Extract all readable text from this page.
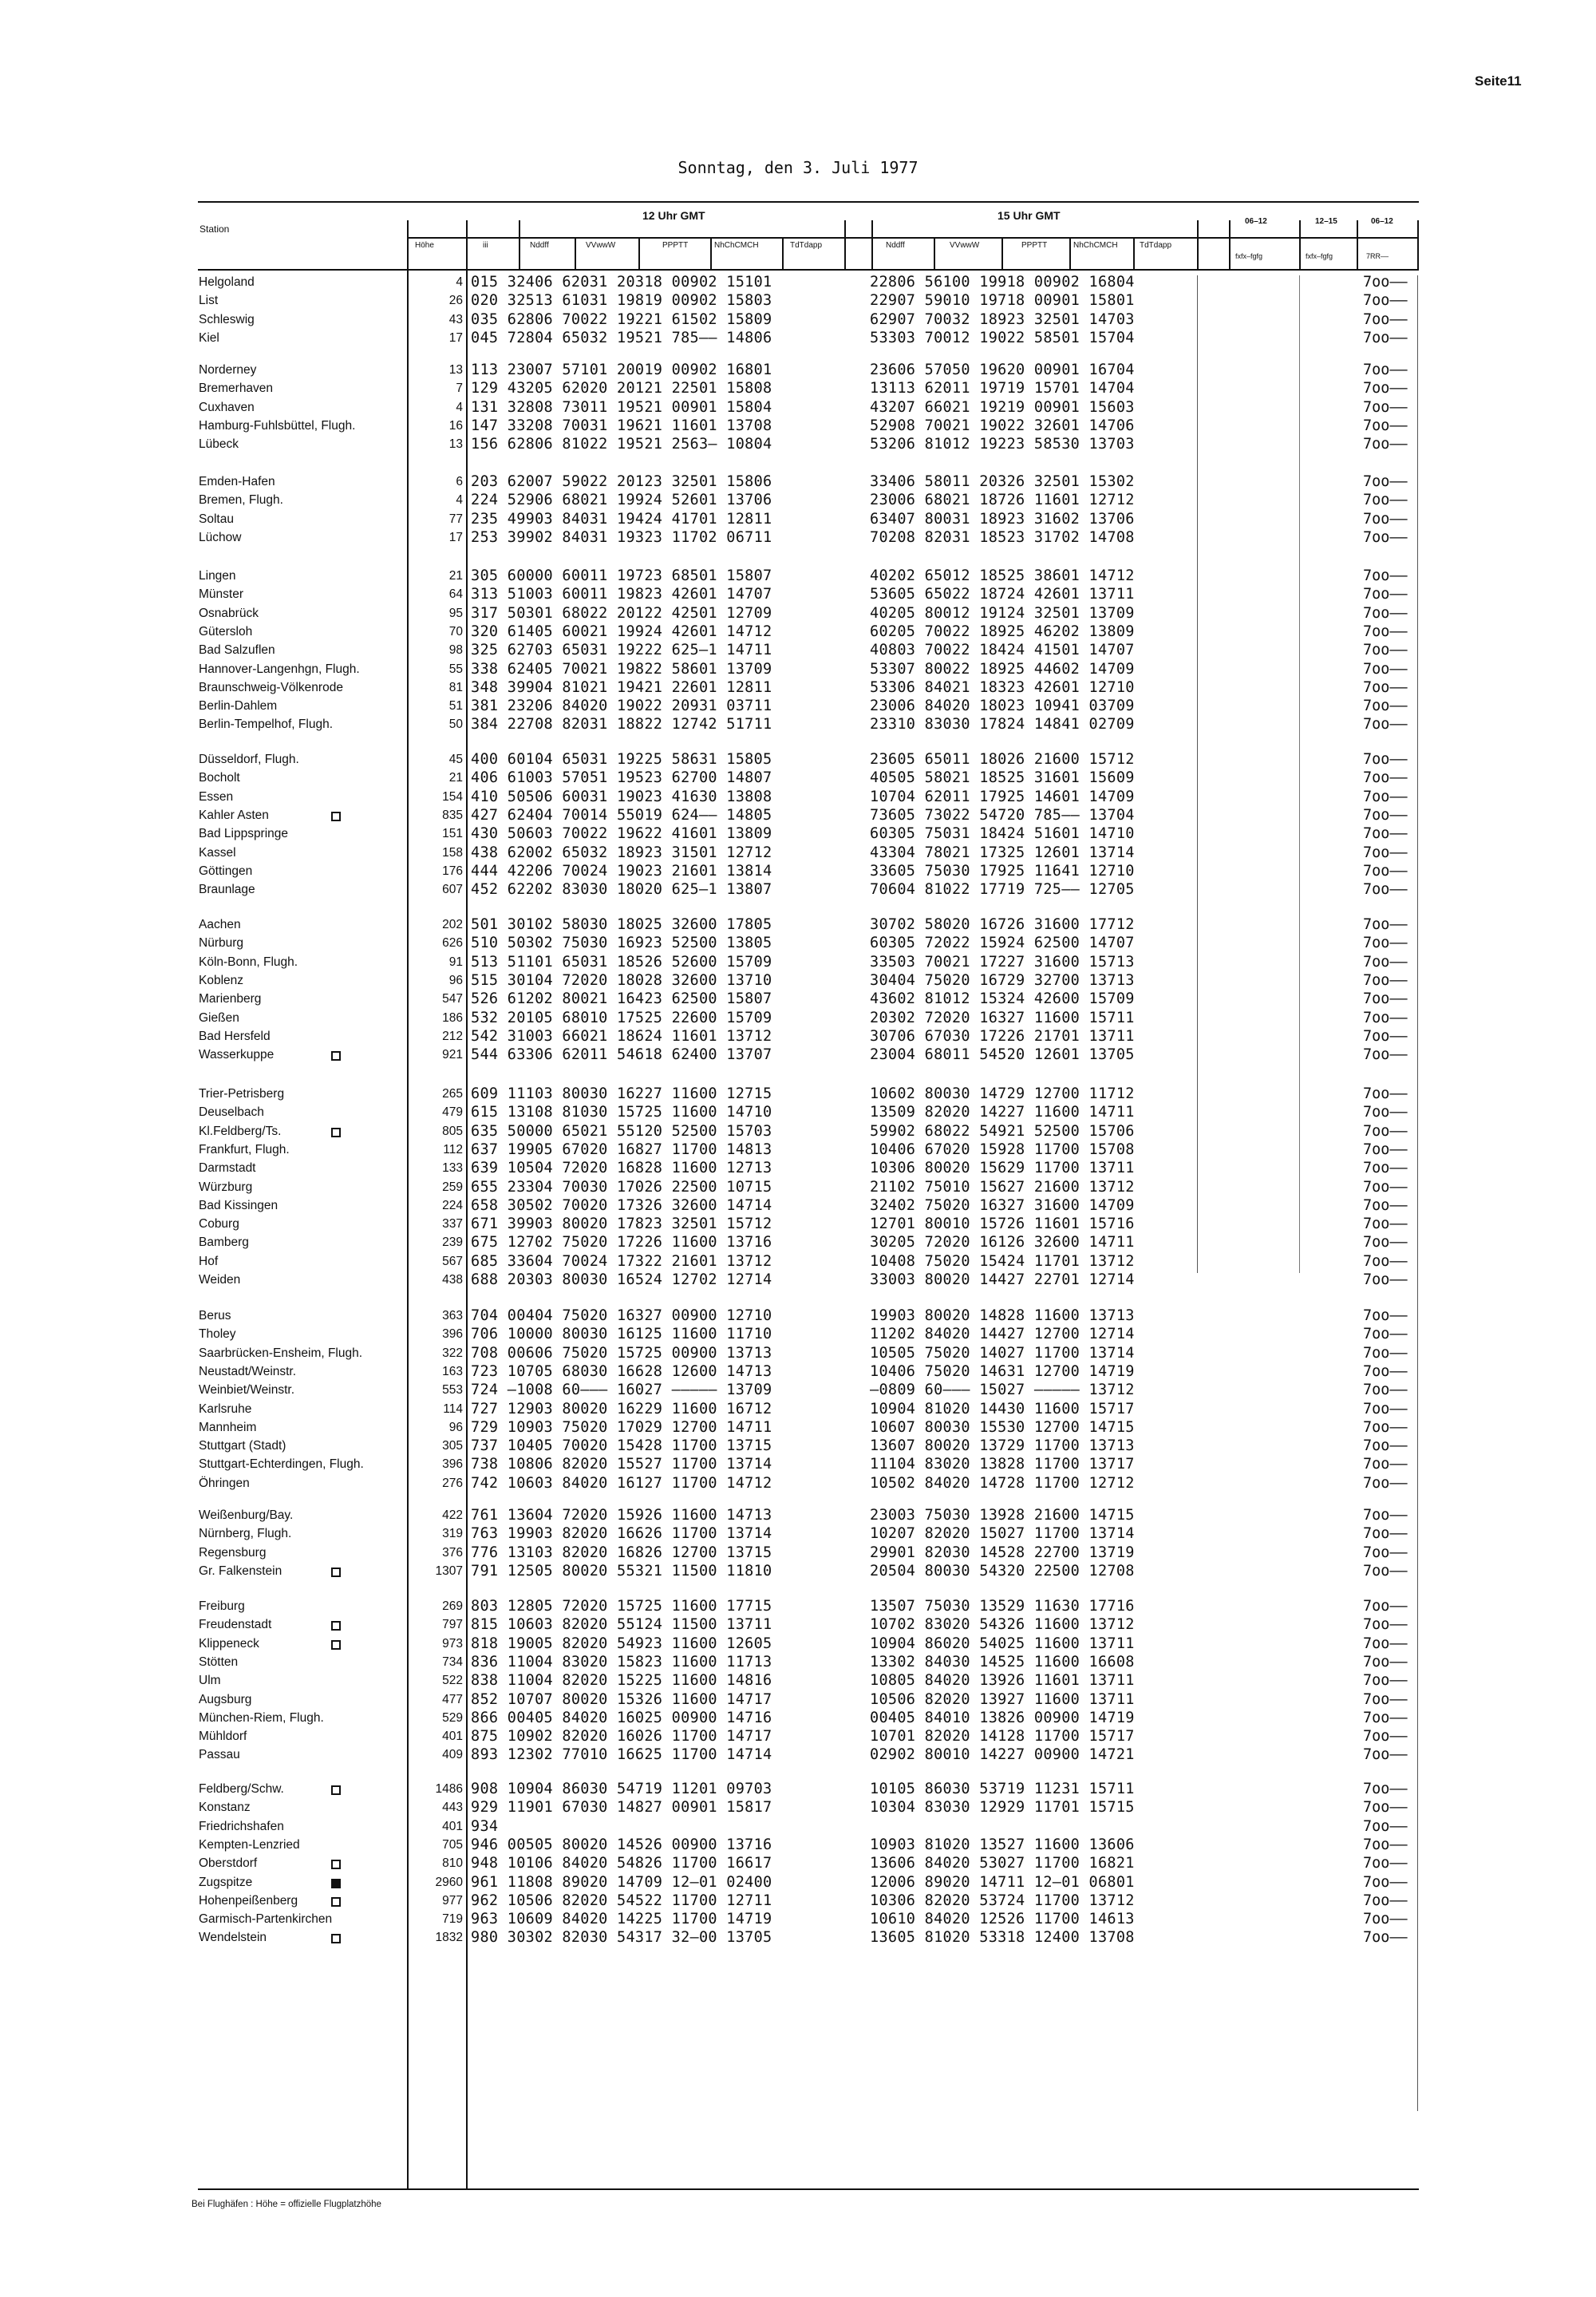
Seite11
Sonntag, den 3. Juli 1977
Station
Höhe	iii
12 Uhr GMT	15 Uhr GMT
Nddff	VVwwW	PPPTT	NhChCMCH	TdTdapp	Nddff	VVwwW	PPPTT	NhChCMCH	TdTdapp
06–12	12–15	06–12
fxfx–fgfg	fxfx–fgfg	7RR––
Helgoland	4 015 32406 62031 20318 00902 15101	22806 56100 19918 00902 16804	7oo––
List	26 020 32513 61031 19819 00902 15803	22907 59010 19718 00901 15801	7oo––
Schleswig	43 035 62806 70022 19221 61502 15809	62907 70032 18923 32501 14703	7oo––
Kiel	17 045 72804 65032 19521 785–– 14806	53303 70012 19022 58501 15704	7oo––
Norderney	13 113 23007 57101 20019 00902 16801	23606 57050 19620 00901 16704	7oo––
Bremerhaven	7 129 43205 62020 20121 22501 15808	13113 62011 19719 15701 14704	7oo––
Cuxhaven	4 131 32808 73011 19521 00901 15804	43207 66021 19219 00901 15603	7oo––
Hamburg-Fuhlsbüttel, Flugh.	16 147 33208 70031 19621 11601 13708	52908 70021 19022 32601 14706	7oo––
Lübeck	13 156 62806 81022 19521 2563– 10804	53206 81012 19223 58530 13703	7oo––
Emden-Hafen	6 203 62007 59022 20123 32501 15806	33406 58011 20326 32501 15302	7oo––
Bremen, Flugh.	4 224 52906 68021 19924 52601 13706	23006 68021 18726 11601 12712	7oo––
Soltau	77 235 49903 84031 19424 41701 12811	63407 80031 18923 31602 13706	7oo––
Lüchow	17 253 39902 84031 19323 11702 06711	70208 82031 18523 31702 14708	7oo––
Lingen	21 305 60000 60011 19723 68501 15807	40202 65012 18525 38601 14712	7oo––
Münster	64 313 51003 60011 19823 42601 14707	53605 65022 18724 42601 13711	7oo––
Osnabrück	95 317 50301 68022 20122 42501 12709	40205 80012 19124 32501 13709	7oo––
Gütersloh	70 320 61405 60021 19924 42601 14712	60205 70022 18925 46202 13809	7oo––
Bad Salzuflen	98 325 62703 65031 19222 625–1 14711	40803 70022 18424 41501 14707	7oo––
Hannover-Langenhgn, Flugh.	55 338 62405 70021 19822 58601 13709	53307 80022 18925 44602 14709	7oo––
Braunschweig-Völkenrode	81 348 39904 81021 19421 22601 12811	53306 84021 18323 42601 12710	7oo––
Berlin-Dahlem	51 381 23206 84020 19022 20931 03711	23006 84020 18023 10941 03709	7oo––
Berlin-Tempelhof, Flugh.	50 384 22708 82031 18822 12742 51711	23310 83030 17824 14841 02709	7oo––
Düsseldorf, Flugh.	45 400 60104 65031 19225 58631 15805	23605 65011 18026 21600 15712	7oo––
Bocholt	21 406 61003 57051 19523 62700 14807	40505 58021 18525 31601 15609	7oo––
Essen	154 410 50506 60031 19023 41630 13808	10704 62011 17925 14601 14709	7oo––
Kahler Asten	835 427 62404 70014 55019 624–– 14805	73605 73022 54720 785–– 13704	7oo––
Bad Lippspringe	151 430 50603 70022 19622 41601 13809	60305 75031 18424 51601 14710	7oo––
Kassel	158 438 62002 65032 18923 31501 12712	43304 78021 17325 12601 13714	7oo––
Göttingen	176 444 42206 70024 19023 21601 13814	33605 75030 17925 11641 12710	7oo––
Braunlage	607 452 62202 83030 18020 625–1 13807	70604 81022 17719 725–– 12705	7oo––
Aachen	202 501 30102 58030 18025 32600 17805	30702 58020 16726 31600 17712	7oo––
Nürburg	626 510 50302 75030 16923 52500 13805	60305 72022 15924 62500 14707	7oo––
Köln-Bonn, Flugh.	91 513 51101 65031 18526 52600 15709	33503 70021 17227 31600 15713	7oo––
Koblenz	96 515 30104 72020 18028 32600 13710	30404 75020 16729 32700 13713	7oo––
Marienberg	547 526 61202 80021 16423 62500 15807	43602 81012 15324 42600 15709	7oo––
Gießen	186 532 20105 68010 17525 22600 15709	20302 72020 16327 11600 15711	7oo––
Bad Hersfeld	212 542 31003 66021 18624 11601 13712	30706 67030 17226 21701 13711	7oo––
Wasserkuppe	921 544 63306 62011 54618 62400 13707	23004 68011 54520 12601 13705	7oo––
Trier-Petrisberg	265 609 11103 80030 16227 11600 12715	10602 80030 14729 12700 11712	7oo––
Deuselbach	479 615 13108 81030 15725 11600 14710	13509 82020 14227 11600 14711	7oo––
Kl.Feldberg/Ts.	805 635 50000 65021 55120 52500 15703	59902 68022 54921 52500 15706	7oo––
Frankfurt, Flugh.	112 637 19905 67020 16827 11700 14813	10406 67020 15928 11700 15708	7oo––
Darmstadt	133 639 10504 72020 16828 11600 12713	10306 80020 15629 11700 13711	7oo––
Würzburg	259 655 23304 70030 17026 22500 10715	21102 75010 15627 21600 13712	7oo––
Bad Kissingen	224 658 30502 70020 17326 32600 14714	32402 75020 16327 31600 14709	7oo––
Coburg	337 671 39903 80020 17823 32501 15712	12701 80010 15726 11601 15716	7oo––
Bamberg	239 675 12702 75020 17226 11600 13716	30205 72020 16126 32600 14711	7oo––
Hof	567 685 33604 70024 17322 21601 13712	10408 75020 15424 11701 13712	7oo––
Weiden	438 688 20303 80030 16524 12702 12714	33003 80020 14427 22701 12714	7oo––
Berus	363 704 00404 75020 16327 00900 12710	19903 80020 14828 11600 13713	7oo––
Tholey	396 706 10000 80030 16125 11600 11710	11202 84020 14427 12700 12714	7oo––
Saarbrücken-Ensheim, Flugh.	322 708 00606 75020 15725 00900 13713	10505 75020 14027 11700 13714	7oo––
Neustadt/Weinstr.	163 723 10705 68030 16628 12600 14713	10406 75020 14631 12700 14719	7oo––
Weinbiet/Weinstr.	553 724 –1008 60––– 16027 ––––– 13709	–0809 60––– 15027 ––––– 13712	7oo––
Karlsruhe	114 727 12903 80020 16229 11600 16712	10904 81020 14430 11600 15717	7oo––
Mannheim	96 729 10903 75020 17029 12700 14711	10607 80030 15530 12700 14715	7oo––
Stuttgart (Stadt)	305 737 10405 70020 15428 11700 13715	13607 80020 13729 11700 13713	7oo––
Stuttgart-Echterdingen, Flugh.	396 738 10806 82020 15527 11700 13714	11104 83020 13828 11700 13717	7oo––
Öhringen	276 742 10603 84020 16127 11700 14712	10502 84020 14728 11700 12712	7oo––
Weißenburg/Bay.	422 761 13604 72020 15926 11600 14713	23003 75030 13928 21600 14715	7oo––
Nürnberg, Flugh.	319 763 19903 82020 16626 11700 13714	10207 82020 15027 11700 13714	7oo––
Regensburg	376 776 13103 82020 16826 12700 13715	29901 82030 14528 22700 13719	7oo––
Gr. Falkenstein	1307 791 12505 80020 55321 11500 11810	20504 80030 54320 22500 12708	7oo––
Freiburg	269 803 12805 72020 15725 11600 17715	13507 75030 13529 11630 17716	7oo––
Freudenstadt	797 815 10603 82020 55124 11500 13711	10702 83020 54326 11600 13712	7oo––
Klippeneck	973 818 19005 82020 54923 11600 12605	10904 86020 54025 11600 13711	7oo––
Stötten	734 836 11004 83020 15823 11600 11713	13302 84030 14525 11600 16608	7oo––
Ulm	522 838 11004 82020 15225 11600 14816	10805 84020 13926 11601 13711	7oo––
Augsburg	477 852 10707 80020 15326 11600 14717	10506 82020 13927 11600 13711	7oo––
München-Riem, Flugh.	529 866 00405 84020 16025 00900 14716	00405 84010 13826 00900 14719	7oo––
Mühldorf	401 875 10902 82020 16026 11700 14717	10701 82020 14128 11700 15717	7oo––
Passau	409 893 12302 77010 16625 11700 14714	02902 80010 14227 00900 14721	7oo––
Feldberg/Schw.	1486 908 10904 86030 54719 11201 09703	10105 86030 53719 11231 15711	7oo––
Konstanz	443 929 11901 67030 14827 00901 15817	10304 83030 12929 11701 15715	7oo––
Friedrichshafen	401 934	7oo––
Kempten-Lenzried	705 946 00505 80020 14526 00900 13716	10903 81020 13527 11600 13606	7oo––
Oberstdorf	810 948 10106 84020 54826 11700 16617	13606 84020 53027 11700 16821	7oo––
Zugspitze	2960 961 11808 89020 14709 12–01 02400	12006 89020 14711 12–01 06801	7oo––
Hohenpeißenberg	977 962 10506 82020 54522 11700 12711	10306 82020 53724 11700 13712	7oo––
Garmisch-Partenkirchen	719 963 10609 84020 14225 11700 14719	10610 84020 12526 11700 14613	7oo––
Wendelstein	1832 980 30302 82030 54317 32–00 13705	13605 81020 53318 12400 13708	7oo––
Bei Flughäfen : Höhe = offizielle Flugplatzhöhe
